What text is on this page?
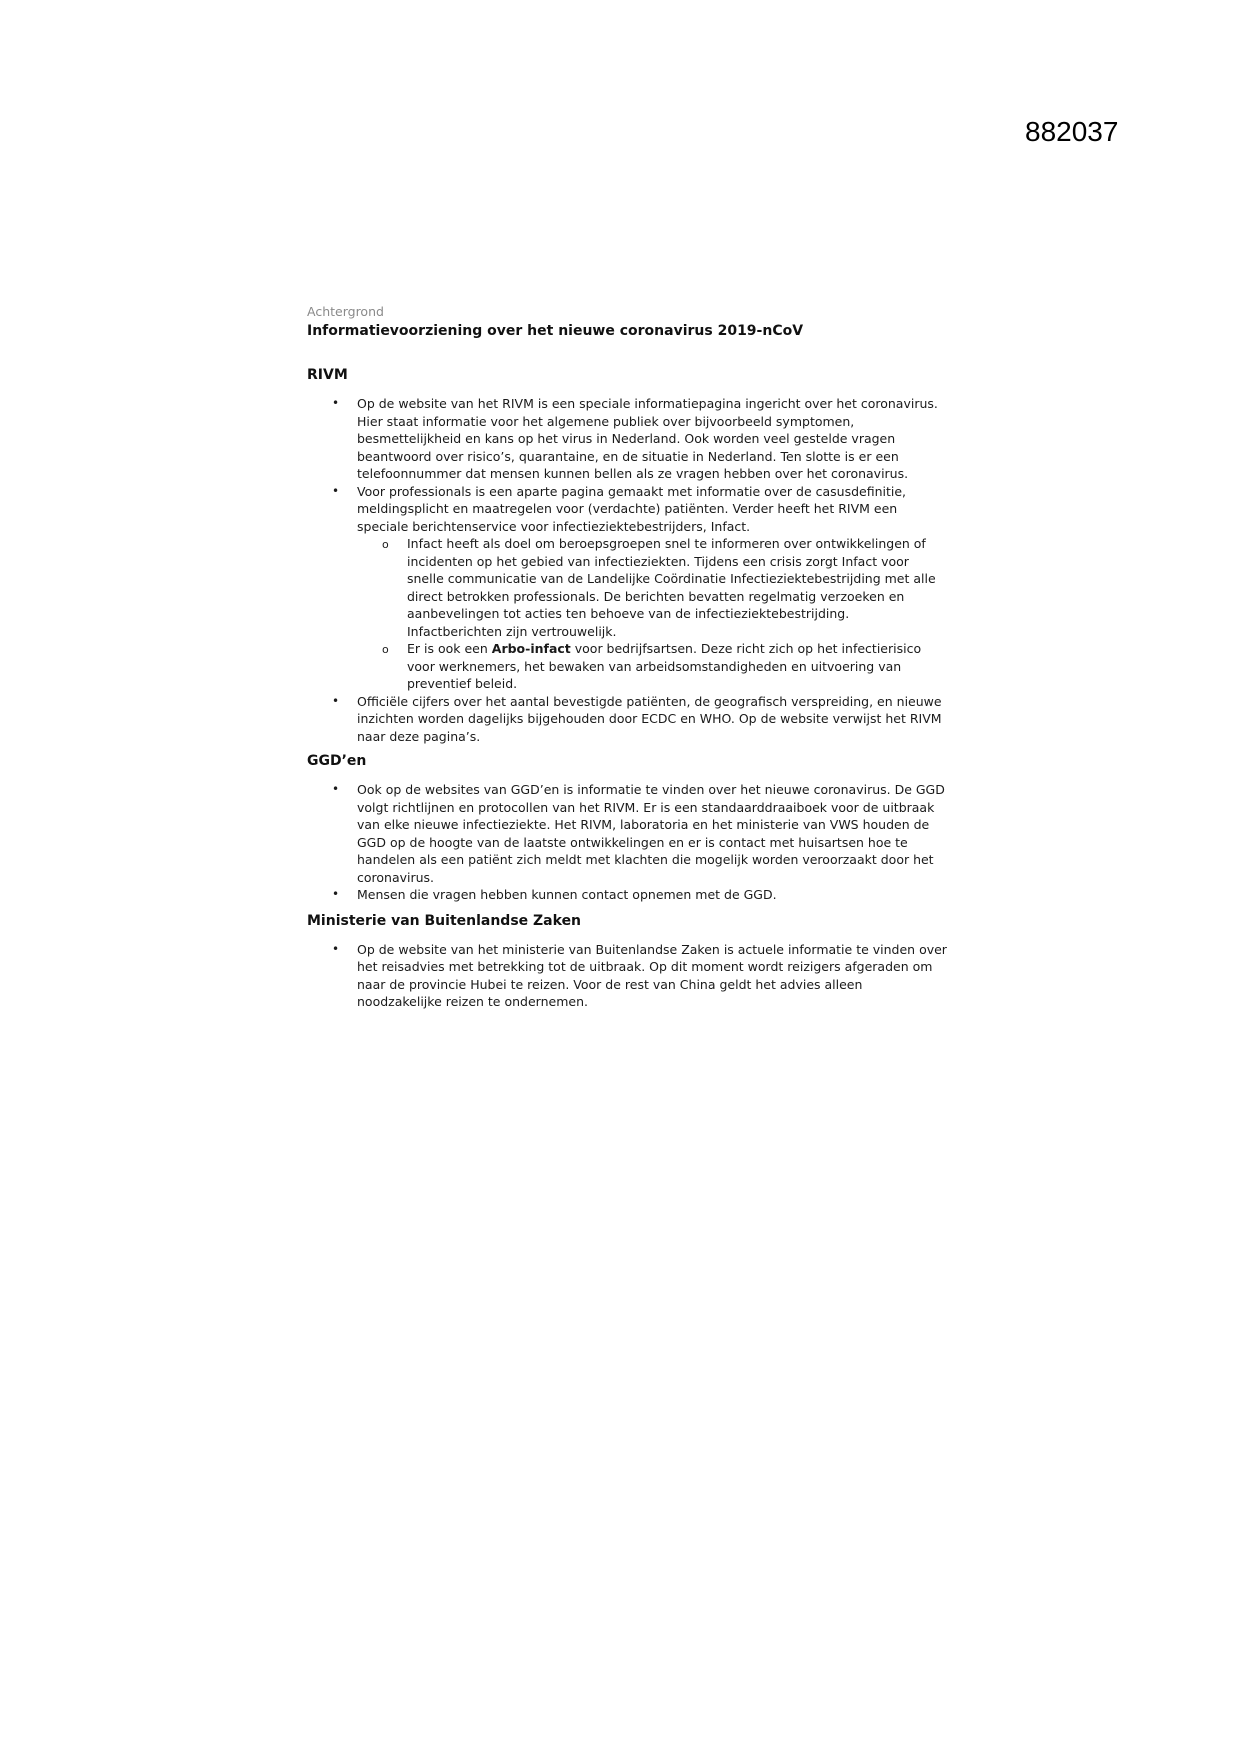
882037
Achtergrond
Informatievoorziening over het nieuwe coronavirus 2019-nCoV
RIVM
• Op de website van het RIVM is een speciale informatiepagina ingericht over het coronavirus. Hier staat informatie voor het algemene publiek over bijvoorbeeld symptomen, besmettelijkheid en kans op het virus in Nederland. Ook worden veel gestelde vragen beantwoord over risico’s, quarantaine, en de situatie in Nederland. Ten slotte is er een telefoonnummer dat mensen kunnen bellen als ze vragen hebben over het coronavirus.
• Voor professionals is een aparte pagina gemaakt met informatie over de casusdefinitie, meldingsplicht en maatregelen voor (verdachte) patiënten. Verder heeft het RIVM een speciale berichtenservice voor infectieziektebestrijders, Infact.
o Infact heeft als doel om beroepsgroepen snel te informeren over ontwikkelingen of incidenten op het gebied van infectieziekten. Tijdens een crisis zorgt Infact voor snelle communicatie van de Landelijke Coördinatie Infectieziektebestrijding met alle direct betrokken professionals. De berichten bevatten regelmatig verzoeken en aanbevelingen tot acties ten behoeve van de infectieziektebestrijding. Infactberichten zijn vertrouwelijk.
o Er is ook een Arbo-infact voor bedrijfsartsen. Deze richt zich op het infectierisico voor werknemers, het bewaken van arbeidsomstandigheden en uitvoering van preventief beleid.
• Officiële cijfers over het aantal bevestigde patiënten, de geografisch verspreiding, en nieuwe inzichten worden dagelijks bijgehouden door ECDC en WHO. Op de website verwijst het RIVM naar deze pagina’s.
GGD’en
• Ook op de websites van GGD’en is informatie te vinden over het nieuwe coronavirus. De GGD volgt richtlijnen en protocollen van het RIVM. Er is een standaarddraaiboek voor de uitbraak van elke nieuwe infectieziekte. Het RIVM, laboratoria en het ministerie van VWS houden de GGD op de hoogte van de laatste ontwikkelingen en er is contact met huisartsen hoe te handelen als een patiënt zich meldt met klachten die mogelijk worden veroorzaakt door het coronavirus.
• Mensen die vragen hebben kunnen contact opnemen met de GGD.
Ministerie van Buitenlandse Zaken
• Op de website van het ministerie van Buitenlandse Zaken is actuele informatie te vinden over het reisadvies met betrekking tot de uitbraak. Op dit moment wordt reizigers afgeraden om naar de provincie Hubei te reizen. Voor de rest van China geldt het advies alleen noodzakelijke reizen te ondernemen.
